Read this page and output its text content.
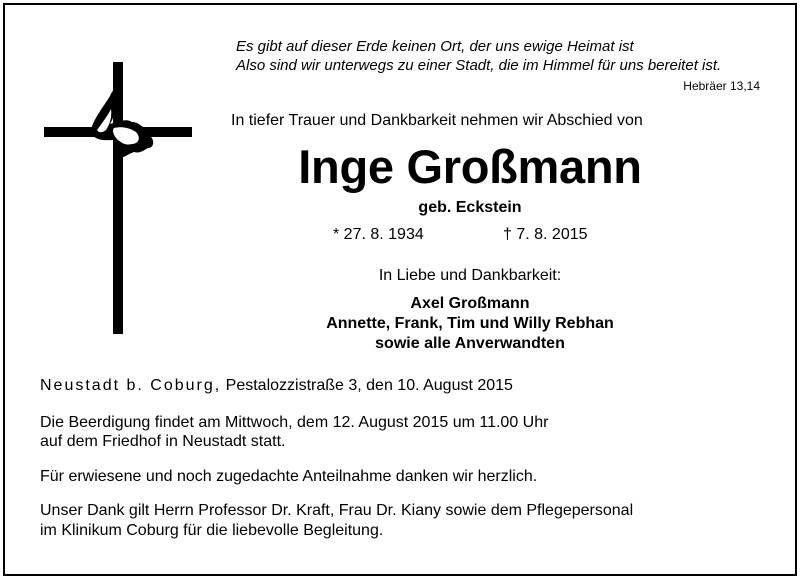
Es gibt auf dieser Erde keinen Ort, der uns ewige Heimat ist
Also sind wir unterwegs zu einer Stadt, die im Himmel für uns bereitet ist.
Hebräer 13,14
In tiefer Trauer und Dankbarkeit nehmen wir Abschied von
Inge Großmann
geb. Eckstein
* 27. 8. 1934	† 7. 8. 2015
In Liebe und Dankbarkeit:
Axel Großmann
Annette, Frank, Tim und Willy Rebhan
sowie alle Anverwandten
Neustadt b. Coburg, Pestalozzistraße 3, den 10. August 2015
Die Beerdigung findet am Mittwoch, dem 12. August 2015 um 11.00 Uhr
auf dem Friedhof in Neustadt statt.
Für erwiesene und noch zugedachte Anteilnahme danken wir herzlich.
Unser Dank gilt Herrn Professor Dr. Kraft, Frau Dr. Kiany sowie dem Pflegepersonal
im Klinikum Coburg für die liebevolle Begleitung.
